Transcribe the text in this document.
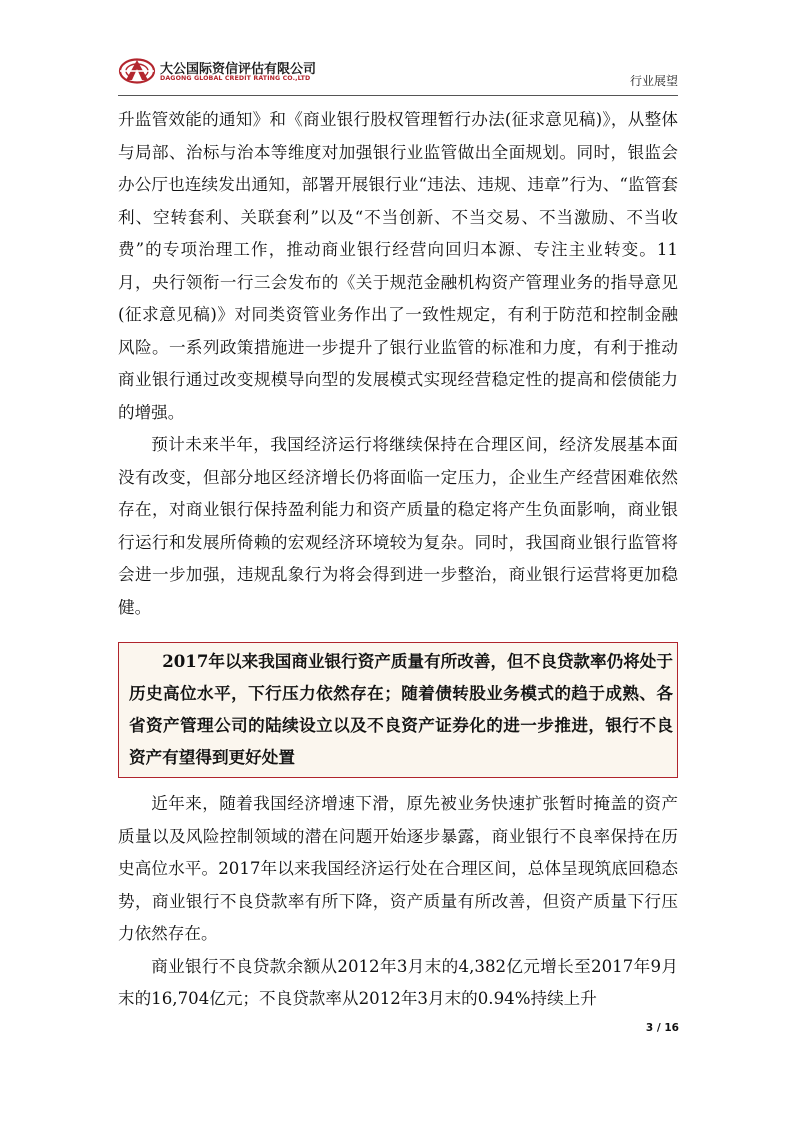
大公国际资信评估有限公司
DAGONG GLOBAL CREDIT RATING CO.,LTD	行业展望

升监管效能的通知》和《商业银行股权管理暂行办法(征求意见稿)》，从整体与局部、治标与治本等维度对加强银行业监管做出全面规划。同时，银监会办公厅也连续发出通知，部署开展银行业“违法、违规、违章”行为、“监管套利、空转套利、关联套利”以及“不当创新、不当交易、不当激励、不当收费”的专项治理工作，推动商业银行经营向回归本源、专注主业转变。11月，央行领衔一行三会发布的《关于规范金融机构资产管理业务的指导意见(征求意见稿)》对同类资管业务作出了一致性规定，有利于防范和控制金融风险。一系列政策措施进一步提升了银行业监管的标准和力度，有利于推动商业银行通过改变规模导向型的发展模式实现经营稳定性的提高和偿债能力的增强。

预计未来半年，我国经济运行将继续保持在合理区间，经济发展基本面没有改变，但部分地区经济增长仍将面临一定压力，企业生产经营困难依然存在，对商业银行保持盈利能力和资产质量的稳定将产生负面影响，商业银行运行和发展所倚赖的宏观经济环境较为复杂。同时，我国商业银行监管将会进一步加强，违规乱象行为将会得到进一步整治，商业银行运营将更加稳健。

2017年以来我国商业银行资产质量有所改善，但不良贷款率仍将处于历史高位水平，下行压力依然存在；随着债转股业务模式的趋于成熟、各省资产管理公司的陆续设立以及不良资产证券化的进一步推进，银行不良资产有望得到更好处置

近年来，随着我国经济增速下滑，原先被业务快速扩张暂时掩盖的资产质量以及风险控制领域的潜在问题开始逐步暴露，商业银行不良率保持在历史高位水平。2017年以来我国经济运行处在合理区间，总体呈现筑底回稳态势，商业银行不良贷款率有所下降，资产质量有所改善，但资产质量下行压力依然存在。

商业银行不良贷款余额从2012年3月末的4,382亿元增长至2017年9月末的16,704亿元；不良贷款率从2012年3月末的0.94%持续上升

3 / 16
